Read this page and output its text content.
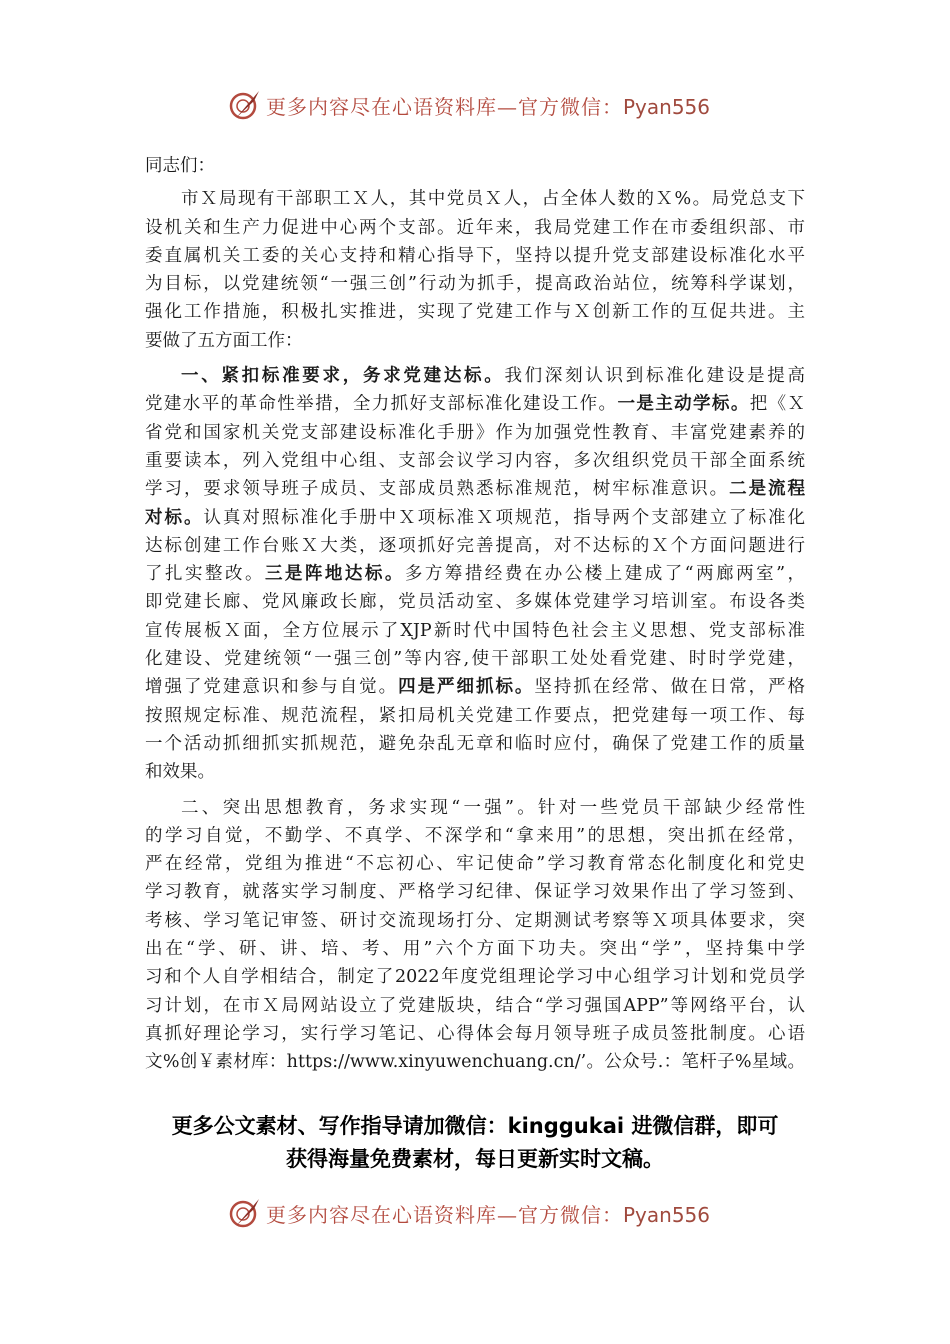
更多内容尽在心语资料库—官方微信：Pyan556
同志们：
市Ｘ局现有干部职工Ｘ人，其中党员Ｘ人，占全体人数的Ｘ%。局党总支下
设机关和生产力促进中心两个支部。近年来，我局党建工作在市委组织部、市
委直属机关工委的关心支持和精心指导下，坚持以提升党支部建设标准化水平
为目标，以党建统领“一强三创”行动为抓手，提高政治站位，统筹科学谋划，
强化工作措施，积极扎实推进，实现了党建工作与Ｘ创新工作的互促共进。主
要做了五方面工作：
一、紧扣标准要求，务求党建达标。我们深刻认识到标准化建设是提高
党建水平的革命性举措，全力抓好支部标准化建设工作。一是主动学标。把《Ｘ
省党和国家机关党支部建设标准化手册》作为加强党性教育、丰富党建素养的
重要读本，列入党组中心组、支部会议学习内容，多次组织党员干部全面系统
学习，要求领导班子成员、支部成员熟悉标准规范，树牢标准意识。二是流程
对标。认真对照标准化手册中Ｘ项标准Ｘ项规范，指导两个支部建立了标准化
达标创建工作台账Ｘ大类，逐项抓好完善提高，对不达标的Ｘ个方面问题进行
了扎实整改。三是阵地达标。多方筹措经费在办公楼上建成了“两廊两室”，
即党建长廊、党风廉政长廊，党员活动室、多媒体党建学习培训室。布设各类
宣传展板Ｘ面，全方位展示了XJP新时代中国特色社会主义思想、党支部标准
化建设、党建统领“一强三创”等内容,使干部职工处处看党建、时时学党建，
增强了党建意识和参与自觉。四是严细抓标。坚持抓在经常、做在日常，严格
按照规定标准、规范流程，紧扣局机关党建工作要点，把党建每一项工作、每
一个活动抓细抓实抓规范，避免杂乱无章和临时应付，确保了党建工作的质量
和效果。
二、突出思想教育，务求实现“一强”。针对一些党员干部缺少经常性
的学习自觉，不勤学、不真学、不深学和“拿来用”的思想，突出抓在经常，
严在经常，党组为推进“不忘初心、牢记使命”学习教育常态化制度化和党史
学习教育，就落实学习制度、严格学习纪律、保证学习效果作出了学习签到、
考核、学习笔记审签、研讨交流现场打分、定期测试考察等Ｘ项具体要求，突
出在“学、研、讲、培、考、用”六个方面下功夫。突出“学”，坚持集中学
习和个人自学相结合，制定了2022年度党组理论学习中心组学习计划和党员学
习计划，在市Ｘ局网站设立了党建版块，结合“学习强国APP”等网络平台，认
真抓好理论学习，实行学习笔记、心得体会每月领导班子成员签批制度。心语
文%创￥素材库：https://www.xinyuwenchuang.cn/’。公众号.：笔杆子%星域。
更多公文素材、写作指导请加微信：kinggukai 进微信群，即可
获得海量免费素材，每日更新实时文稿。
更多内容尽在心语资料库—官方微信：Pyan556
